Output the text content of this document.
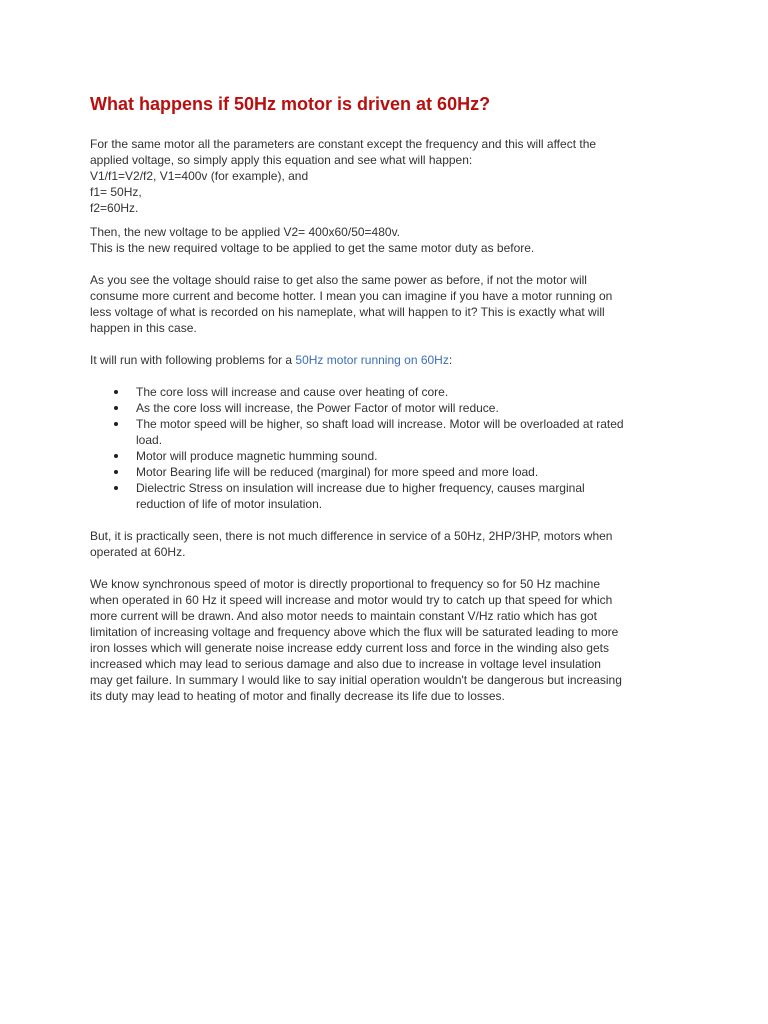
What happens if 50Hz motor is driven at 60Hz?

For the same motor all the parameters are constant except the frequency and this will affect the
applied voltage, so simply apply this equation and see what will happen:
V1/f1=V2/f2, V1=400v (for example), and
f1= 50Hz,
f2=60Hz.

Then, the new voltage to be applied V2= 400x60/50=480v.
This is the new required voltage to be applied to get the same motor duty as before.

As you see the voltage should raise to get also the same power as before, if not the motor will
consume more current and become hotter. I mean you can imagine if you have a motor running on
less voltage of what is recorded on his nameplate, what will happen to it? This is exactly what will
happen in this case.

It will run with following problems for a 50Hz motor running on 60Hz:

The core loss will increase and cause over heating of core.
As the core loss will increase, the Power Factor of motor will reduce.
The motor speed will be higher, so shaft load will increase. Motor will be overloaded at rated
load.
Motor will produce magnetic humming sound.
Motor Bearing life will be reduced (marginal) for more speed and more load.
Dielectric Stress on insulation will increase due to higher frequency, causes marginal
reduction of life of motor insulation.

But, it is practically seen, there is not much difference in service of a 50Hz, 2HP/3HP, motors when
operated at 60Hz.

We know synchronous speed of motor is directly proportional to frequency so for 50 Hz machine
when operated in 60 Hz it speed will increase and motor would try to catch up that speed for which
more current will be drawn. And also motor needs to maintain constant V/Hz ratio which has got
limitation of increasing voltage and frequency above which the flux will be saturated leading to more
iron losses which will generate noise increase eddy current loss and force in the winding also gets
increased which may lead to serious damage and also due to increase in voltage level insulation
may get failure. In summary I would like to say initial operation wouldn't be dangerous but increasing
its duty may lead to heating of motor and finally decrease its life due to losses.
